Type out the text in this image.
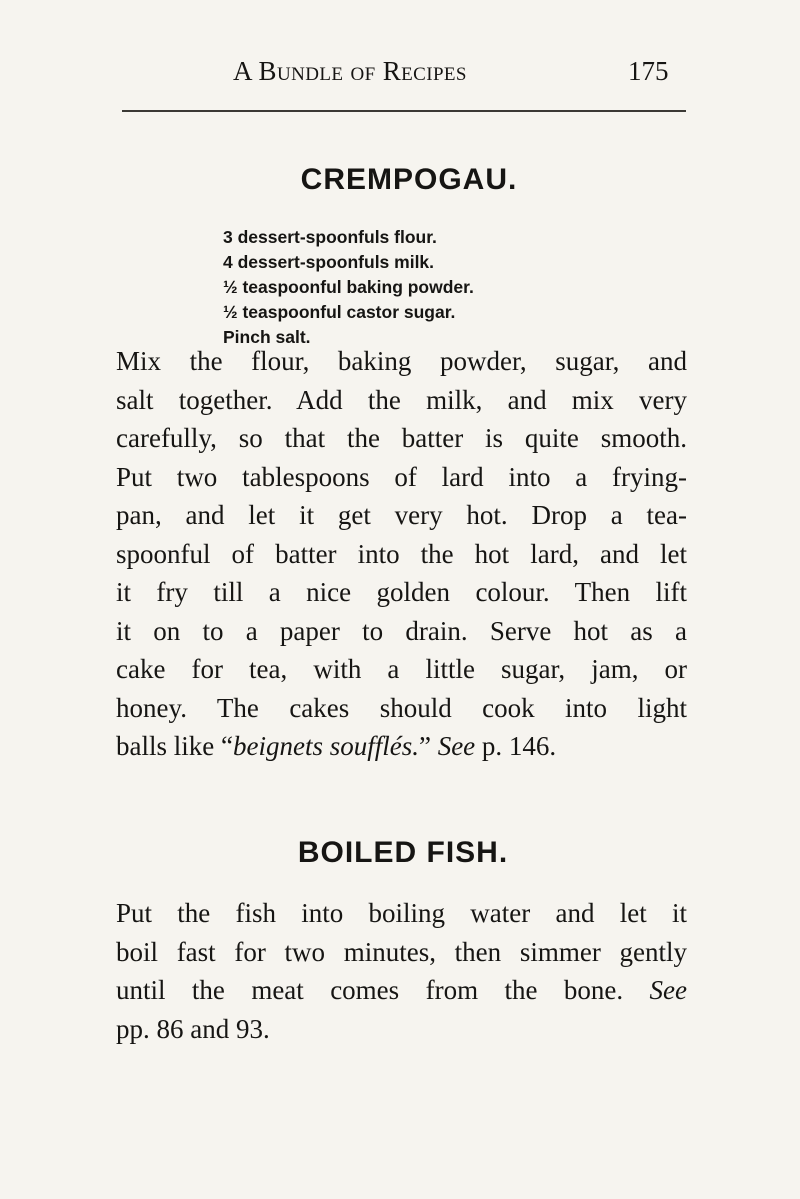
A Bundle of Recipes	175
CREMPOGAU.
3 dessert-spoonfuls flour.
4 dessert-spoonfuls milk.
½ teaspoonful baking powder.
½ teaspoonful castor sugar.
Pinch salt.
Mix the flour, baking powder, sugar, and
salt together. Add the milk, and mix very
carefully, so that the batter is quite smooth.
Put two tablespoons of lard into a frying-
pan, and let it get very hot. Drop a tea-
spoonful of batter into the hot lard, and let
it fry till a nice golden colour. Then lift
it on to a paper to drain. Serve hot as a
cake for tea, with a little sugar, jam, or
honey. The cakes should cook into light
balls like “beignets soufflés.” See p. 146.
BOILED FISH.
Put the fish into boiling water and let it
boil fast for two minutes, then simmer gently
until the meat comes from the bone. See
pp. 86 and 93.
